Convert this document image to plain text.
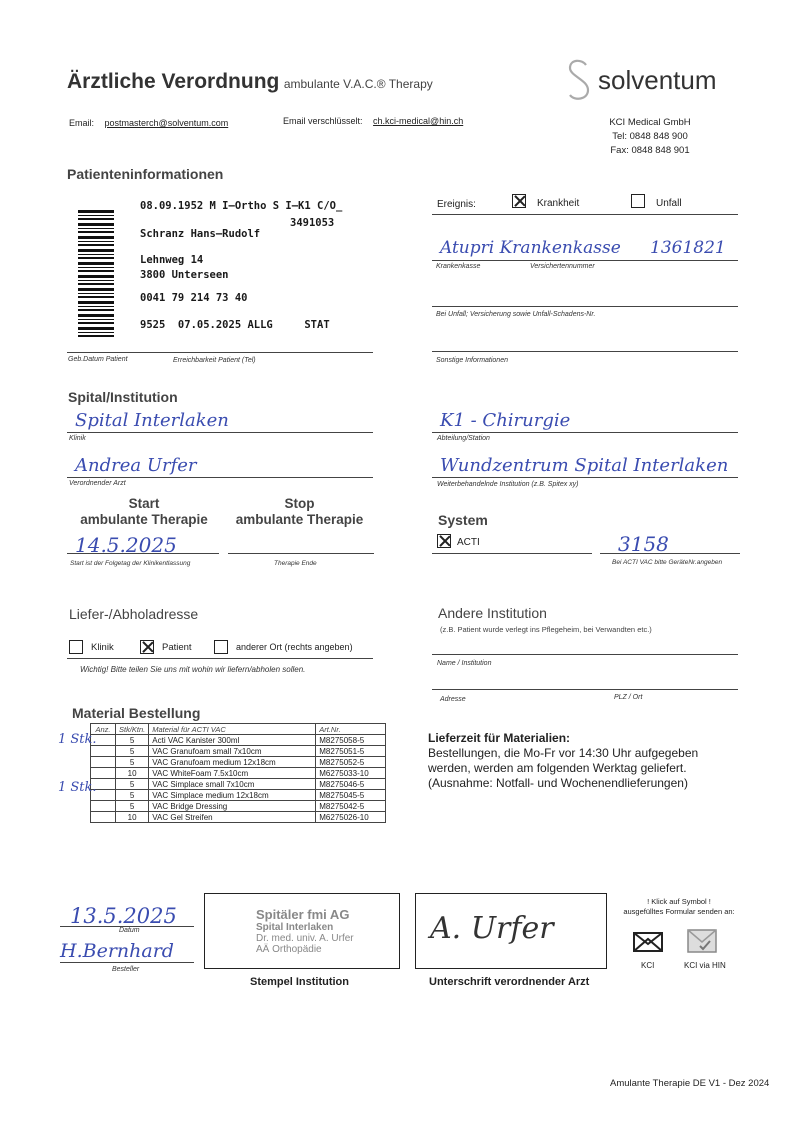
Ärztliche Verordnung ambulante V.A.C.® Therapy	solventum
Email: postmasterch@solventum.com	Email verschlüsselt: ch.kci-medical@hin.ch	KCI Medical GmbH
Tel: 0848 848 900
Fax: 0848 848 901
Patienteninformationen
08.09.1952 M I–Ortho S I–K1 C/O_
3491053
Schranz Hans–Rudolf
Lehnweg 14
3800 Unterseen
0041 79 214 73 40
9525  07.05.2025 ALLG     STAT
Geb.Datum Patient	Erreichbarkeit Patient (Tel)
Ereignis:	Krankheit	Unfall
Atupri Krankenkasse 1361821
Krankenkasse	Versichertennummer
Bei Unfall; Versicherung sowie Unfall-Schadens-Nr.
Sonstige Informationen
Spital/Institution
Spital Interlaken
Klinik
Andrea Urfer
Verordnender Arzt
K1 - Chirurgie
Abteilung/Station
Wundzentrum Spital Interlaken
Weiterbehandelnde Institution (z.B. Spitex xy)
Start
ambulante Therapie
Stop
ambulante Therapie
14.5.2025
Start ist der Folgetag der Klinikentlassung	Therapie Ende
System
ACTI	3158
Bei ACTI VAC bitte GeräteNr.angeben
Liefer-/Abholadresse
Klinik	Patient	anderer Ort (rechts angeben)
Wichtig! Bitte teilen Sie uns mit wohin wir liefern/abholen sollen.
Andere Institution
(z.B. Patient wurde verlegt ins Pflegeheim, bei Verwandten etc.)
Name / Institution
Adresse	PLZ / Ort
Material Bestellung
Anz.	Stk/Ktn.	Material für ACTI VAC	Art.Nr.
	5	Acti VAC Kanister 300ml	M8275058-5
	5	VAC Granufoam small 7x10cm	M8275051-5
	5	VAC Granufoam medium 12x18cm	M8275052-5
	10	VAC WhiteFoam 7.5x10cm	M6275033-10
	5	VAC Simplace small 7x10cm	M8275046-5
	5	VAC Simplace medium 12x18cm	M8275045-5
	5	VAC Bridge Dressing	M8275042-5
	10	VAC Gel Streifen	M6275026-10
1 Stk.
1 Stk.
Lieferzeit für Materialien:
Bestellungen, die Mo-Fr vor 14:30 Uhr aufgegeben
werden, werden am folgenden Werktag geliefert.
(Ausnahme: Notfall- und Wochenendlieferungen)
13.5.2025
Datum
H.Bernhard
Besteller
Spitäler fmi AG
Spital Interlaken
Dr. med. univ. A. Urfer
AÄ Orthopädie
Stempel Institution
A. Urfer
Unterschrift verordnender Arzt
! Klick auf Symbol !
ausgefülltes Formular senden an:
KCI	KCI via HIN
Amulante Therapie DE V1 - Dez 2024
